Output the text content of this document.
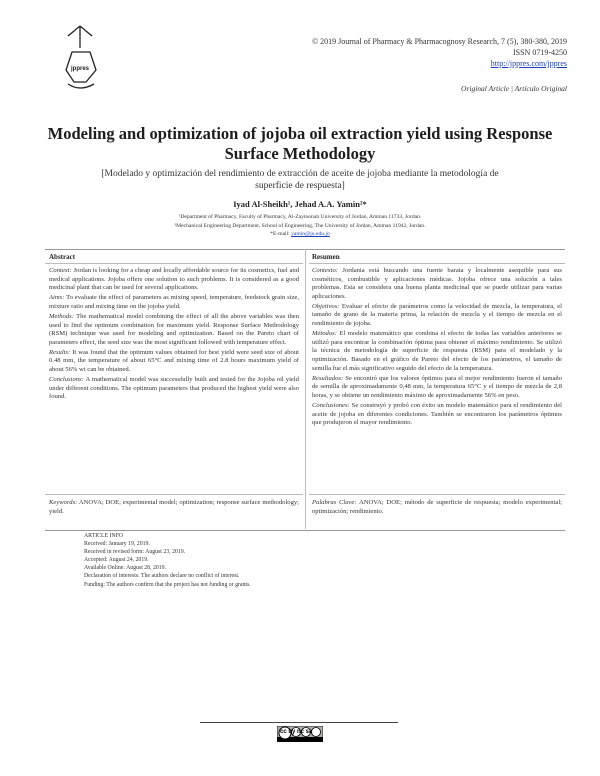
jppres
© 2019 Journal of Pharmacy & Pharmacognosy Research, 7 (5), 380-380, 2019
ISSN 0719-4250
http://jppres.com/jppres
Original Article | Artículo Original
Modeling and optimization of jojoba oil extraction yield using Response Surface Methodology
[Modelado y optimización del rendimiento de extracción de aceite de jojoba mediante la metodología de superficie de respuesta]
Iyad Al-Sheikh¹, Jehad A.A. Yamin²*
¹Department of Pharmacy, Faculty of Pharmacy, Al-Zaytoonah University of Jordan, Amman 11733, Jordan.
²Mechanical Engineering Department, School of Engineering, The University of Jordan, Amman 11942, Jordan.
*E-mail: yamin@ju.edu.jo
Abstract	Resumen

Context: Jordan is looking for a cheap and locally affordable source for its cosmetics, fuel and medical applications. Jojoba offers one solution to such problems. It is considered as a good medicinal plant that can be used for several applications.

Aims: To evaluate the effect of parameters as mixing speed, temperature, feedstock grain size, mixture ratio and mixing time on the jojoba yield.

Methods: The mathematical model combining the effect of all the above variables was then used to find the optimum combination for maximum yield. Response Surface Methodology (RSM) technique was used for modeling and optimization. Based on the Pareto chart of parameters effect, the seed size was the most significant followed with temperature effect.

Results: It was found that the optimum values obtained for best yield were seed size of about 0.48 mm, the temperature of about 65°C and mixing time of 2.8 hours maximum yield of about 56% wt can be obtained.

Conclusions: A mathematical model was successfully built and tested for the Jojoba oil yield under different conditions. The optimum parameters that produced the highest yield were also found.

Keywords: ANOVA; DOE; experimental model; optimization; response surface methodology; yield.

Contexto: Jordania está buscando una fuente barata y localmente asequible para sus cosméticos, combustible y aplicaciones médicas. Jojoba ofrece una solución a tales problemas. Esta se considera una buena planta medicinal que se puede utilizar para varias aplicaciones.

Objetivos: Evaluar el efecto de parámetros como la velocidad de mezcla, la temperatura, el tamaño de grano de la materia prima, la relación de mezcla y el tiempo de mezcla en el rendimiento de jojoba.

Métodos: El modelo matemático que combina el efecto de todas las variables anteriores se utilizó para encontrar la combinación óptima para obtener el máximo rendimiento. Se utilizó la técnica de metodología de superficie de respuesta (RSM) para el modelado y la optimización. Basado en el gráfico de Pareto del efecto de los parámetros, el tamaño de semilla fue el más significativo seguido del efecto de la temperatura.

Resultados: Se encontró que los valores óptimos para el mejor rendimiento fueron el tamaño de semilla de aproximadamente 0,48 mm, la temperatura 65°C y el tiempo de mezcla de 2,8 horas, y se obtiene un rendimiento máximo de aproximadamente 56% en peso.

Conclusiones: Se construyó y probó con éxito un modelo matemático para el rendimiento del aceite de jojoba en diferentes condiciones. También se encontraron los parámetros óptimos que produjeron el mayor rendimiento.

Palabras Clave: ANOVA; DOE; método de superficie de respuesta; modelo experimental; optimización; rendimiento.
ARTICLE INFO
Received: January 19, 2019.
Received in revised form: August 23, 2019.
Accepted: August 24, 2019.
Available Online: August 28, 2019.
Declaration of interests: The authors declare no conflict of interest.
Funding: The authors confirm that the project has not funding or grants.
cc by nc sa
